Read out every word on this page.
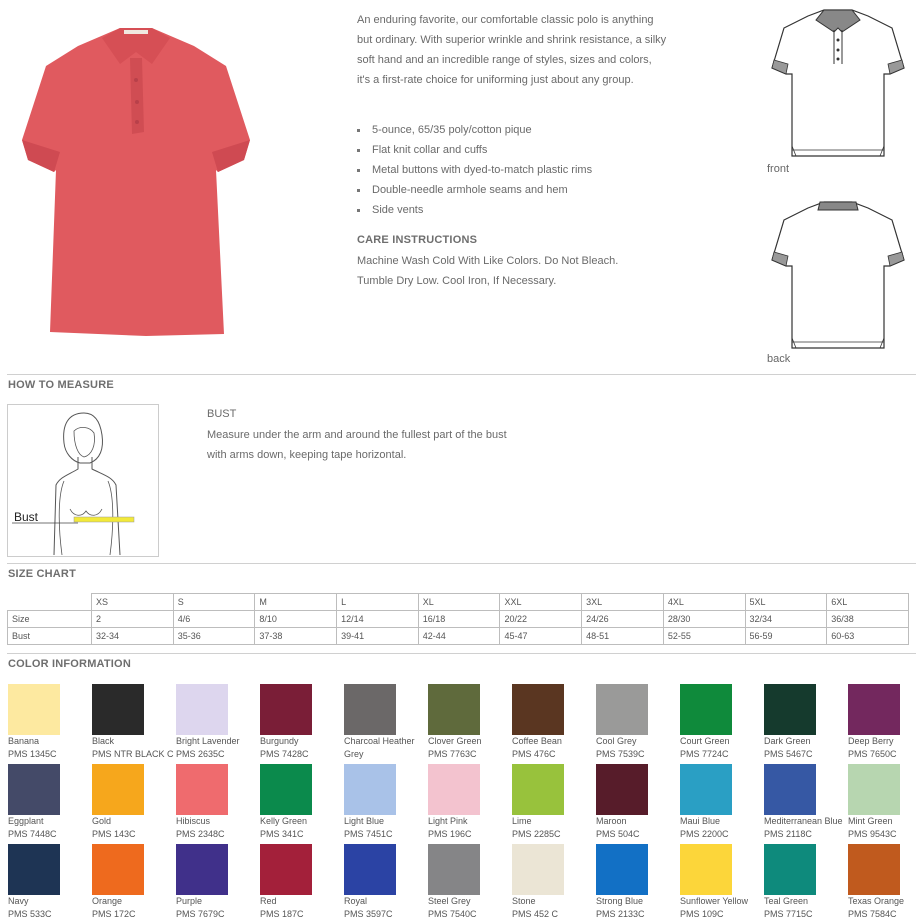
An enduring favorite, our comfortable classic polo is anything but ordinary. With superior wrinkle and shrink resistance, a silky soft hand and an incredible range of styles, sizes and colors, it's a first-rate choice for uniforming just about any group.
5-ounce, 65/35 poly/cotton pique
Flat knit collar and cuffs
Metal buttons with dyed-to-match plastic rims
Double-needle armhole seams and hem
Side vents
CARE INSTRUCTIONS
Machine Wash Cold With Like Colors. Do Not Bleach. Tumble Dry Low. Cool Iron, If Necessary.
front
back
HOW TO MEASURE
Bust
BUST
Measure under the arm and around the fullest part of the bust with arms down, keeping tape horizontal.
SIZE CHART
	XS	S	M	L	XL	XXL	3XL	4XL	5XL	6XL
Size	2	4/6	8/10	12/14	16/18	20/22	24/26	28/30	32/34	36/38
Bust	32-34	35-36	37-38	39-41	42-44	45-47	48-51	52-55	56-59	60-63
COLOR INFORMATION
Banana
PMS 1345C
Black
PMS NTR BLACK C
Bright Lavender
PMS 2635C
Burgundy
PMS 7428C
Charcoal Heather Grey
Clover Green
PMS 7763C
Coffee Bean
PMS 476C
Cool Grey
PMS 7539C
Court Green
PMS 7724C
Dark Green
PMS 5467C
Deep Berry
PMS 7650C
Eggplant
PMS 7448C
Gold
PMS 143C
Hibiscus
PMS 2348C
Kelly Green
PMS 341C
Light Blue
PMS 7451C
Light Pink
PMS 196C
Lime
PMS 2285C
Maroon
PMS 504C
Maui Blue
PMS 2200C
Mediterranean Blue
PMS 2118C
Mint Green
PMS 9543C
Navy
PMS 533C
Orange
PMS 172C
Purple
PMS 7679C
Red
PMS 187C
Royal
PMS 3597C
Steel Grey
PMS 7540C
Stone
PMS 452 C
Strong Blue
PMS 2133C
Sunflower Yellow
PMS 109C
Teal Green
PMS 7715C
Texas Orange
PMS 7584C
